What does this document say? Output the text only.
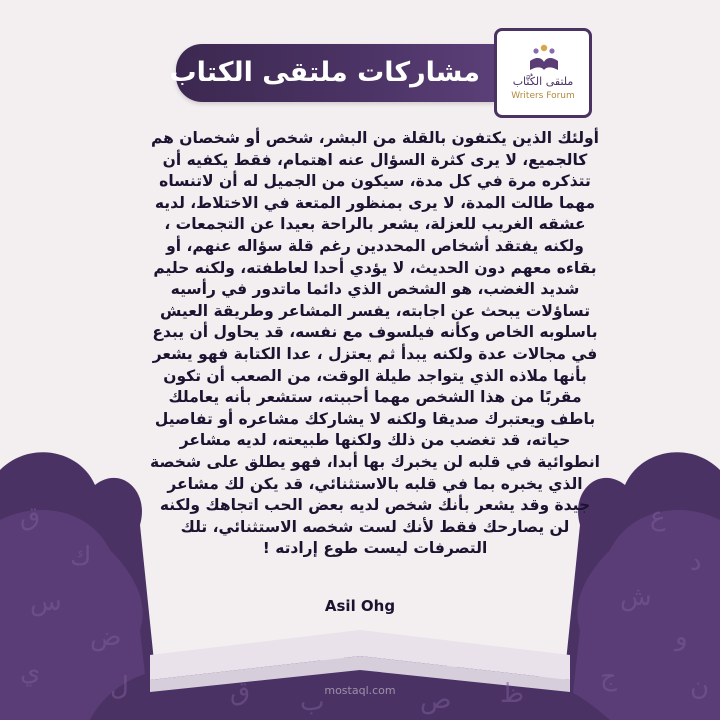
ق
ك
س
ض
ي	ل
ع
د
ش
و
ج	ن
ق ب	ص ظ
مشاركات ملتقى الكتاب	ملتقى الكُتَّاب
Writers Forum
أولئك الذين يكتفون بالقلة من البشر، شخص أو شخصان هم كالجميع، لا يرى كثرة السؤال عنه اهتمام، فقط يكفيه أن تتذكره مرة في كل مدة، سيكون من الجميل له أن لاتنساه مهما طالت المدة، لا يرى بمنظور المتعة في الاختلاط، لديه عشقه الغريب للعزلة، يشعر بالراحة بعيدا عن التجمعات ، ولكنه يفتقد أشخاص المحددين رغم قلة سؤاله عنهم، أو بقاءه معهم دون الحديث، لا يؤدي أحدا لعاطفته، ولكنه حليم شديد الغضب، هو الشخص الذي دائما ماتدور في رأسيه تساؤلات يبحث عن اجابته، يفسر المشاعر وطريقة العيش باسلوبه الخاص وكأنه فيلسوف مع نفسه، قد يحاول أن يبدع في مجالات عدة ولكنه يبدأ ثم يعتزل ، عدا الكتابة فهو يشعر بأنها ملاذه الذي يتواجد طيلة الوقت، من الصعب أن تكون مقربًا من هذا الشخص مهما أحببته، ستشعر بأنه يعاملك باطف ويعتبرك صديقا ولكنه لا يشاركك مشاعره أو تفاصيل حياته، قد تغضب من ذلك ولكنها طبيعته، لديه مشاعر انطوائية في قلبه لن يخبرك بها أبدا، فهو يطلق على شخصة الذي يخبره بما في قلبه بالاستثنائي، قد يكن لك مشاعر جيدة وقد يشعر بأنك شخص لديه بعض الحب اتجاهك ولكنه لن يصارحك فقط لأنك لست شخصه الاستثنائي، تلك التصرفات ليست طوع إرادته !
Asil Ohg
mostaql.com
